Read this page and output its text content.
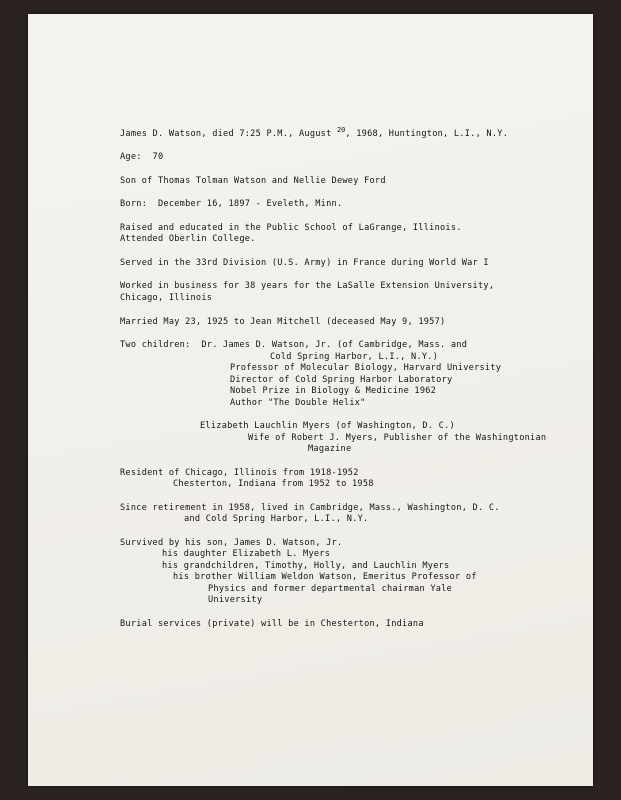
James D. Watson, died 7:25 P.M., August $^{20}$, 1968, Huntington, L.I., N.Y.
Age:  70
Son of Thomas Tolman Watson and Nellie Dewey Ford
Born:  December 16, 1897 - Eveleth, Minn.
Raised and educated in the Public School of LaGrange, Illinois.
Attended Oberlin College.
Served in the 33rd Division (U.S. Army) in France during World War I
Worked in business for 38 years for the LaSalle Extension University,
Chicago, Illinois
Married May 23, 1925 to Jean Mitchell (deceased May 9, 1957)
Two children:  Dr. James D. Watson, Jr. (of Cambridge, Mass. and
Cold Spring Harbor, L.I., N.Y.)
Professor of Molecular Biology, Harvard University
Director of Cold Spring Harbor Laboratory
Nobel Prize in Biology & Medicine 1962
Author "The Double Helix"
Elizabeth Lauchlin Myers (of Washington, D. C.)
Wife of Robert J. Myers, Publisher of the Washingtonian
Magazine
Resident of Chicago, Illinois from 1918-1952
Chesterton, Indiana from 1952 to 1958
Since retirement in 1958, lived in Cambridge, Mass., Washington, D. C.
and Cold Spring Harbor, L.I., N.Y.
Survived by his son, James D. Watson, Jr.
his daughter Elizabeth L. Myers
his grandchildren, Timothy, Holly, and Lauchlin Myers
his brother William Weldon Watson, Emeritus Professor of
Physics and former departmental chairman Yale
University
Burial services (private) will be in Chesterton, Indiana
